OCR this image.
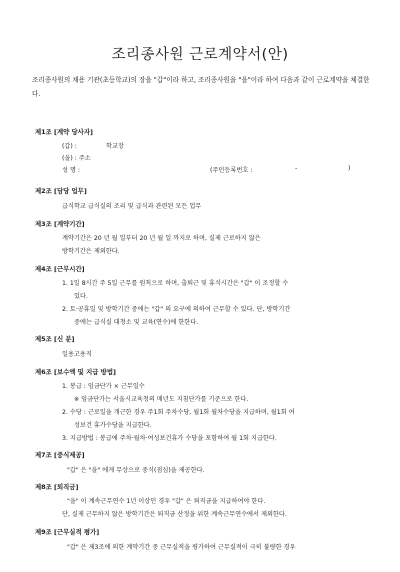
조리종사원 근로계약서(안)
조리종사원의 채용 기관(초등학교)의 장을 "갑"이라 하고, 조리종사원을 "을"이라 하여 다음과 같이 근로계약을 체결한다.
제1조 [계약 당사자]
(갑) :	학교장
(을) : 주소
성 명 :	(주민등록번호 :	-	)
제2조 [담당 업무]
급식학교 급식실의 조리 및 급식과 관련된 모든 업무
제3조 [계약기간]
계약기간은 20 년 월 일부터 20 년 월 일 까지로 하며, 실제 근로하지 않은
방학기간은 제외한다.
제4조 [근무시간]
1. 1일 8시간 주 5일 근무를 원칙으로 하며, 출퇴근 및 휴식시간은 "갑" 이 조정할 수
있다.
2. 토·공휴일 및 방학기간 중에는 "갑" 의 요구에 의하여 근무할 수 있다. 단, 방학기간
중에는 급식실 대청소 및 교육(연수)에 한한다.
제5조 [신 분]
일용고용직
제6조 [보수액 및 지급 방법]
1. 봉급 : 임금단가 × 근무일수
※ 임금단가는 서울시교육청의 매년도 지침단가를 기준으로 한다.
2. 수당 : 근로일을 개근한 경우 주1회 주차수당, 월1회 월차수당을 지급하며, 월1회 여
성보건 휴가수당을 지급한다.
3. 지급방법 : 봉급에 주차·월차·여성보건휴가 수당을 포함하여 월 1회 지급한다.
제7조 [중식제공]
"갑" 은 "을" 에게 무상으로 중식(점심)을 제공한다.
제8조 [퇴직금]
"을" 이 계속근무연수 1년 이상인 경우 "갑" 은 퇴직금을 지급하여야 한다.
단, 실제 근무하지 않은 방학기간은 퇴직금 산정을 위한 계속근무연수에서 제외한다.
제9조 [근무실적 평가]
"갑" 은 제3조에 의한 계약기간 중 근무실적을 평가하여 근무실적이 극히 불량한 경우
